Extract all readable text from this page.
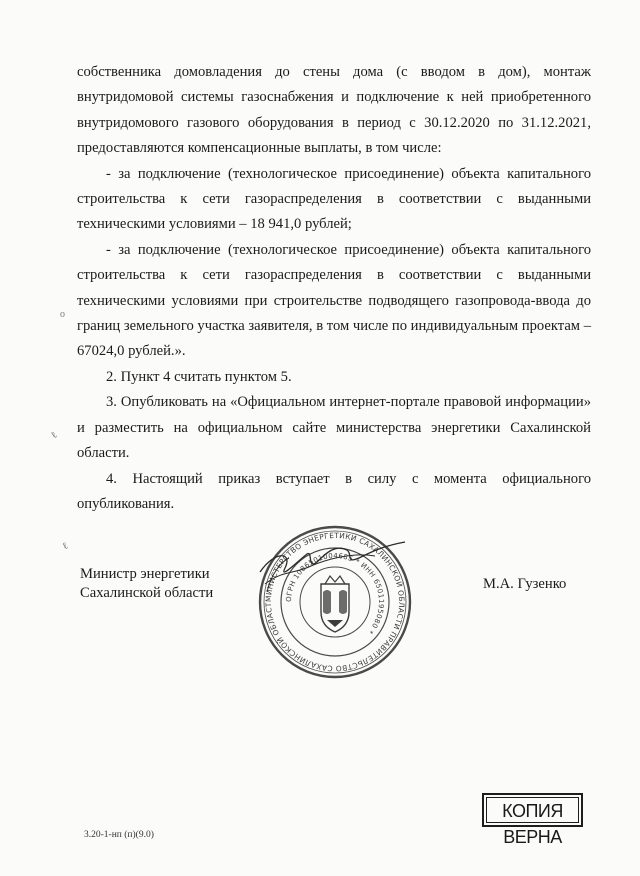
собственника домовладения до стены дома (с вводом в дом), монтаж внутридомовой системы газоснабжения и подключение к ней приобретенного внутридомового газового оборудования в период с 30.12.2020 по 31.12.2021, предоставляются компенсационные выплаты, в том числе:

- за подключение (технологическое присоединение) объекта капитального строительства к сети газораспределения в соответствии с выданными техническими условиями – 18 941,0 рублей;

- за подключение (технологическое присоединение) объекта капитального строительства к сети газораспределения в соответствии с выданными техническими условиями при строительстве подводящего газопровода-ввода до границ земельного участка заявителя, в том числе по индивидуальным проектам – 67024,0 рублей.».

2. Пункт 4 считать пунктом 5.

3. Опубликовать на «Официальном интернет-портале правовой информации» и разместить на официальном сайте министерства энергетики Сахалинской области.

4. Настоящий приказ вступает в силу с момента официального опубликования.

ο
ℓ
ℓ
Министр энергетики
Сахалинской области	МИНИСТЕРСТВО ЭНЕРГЕТИКИ САХАЛИНСКОЙ ОБЛАСТИ ПРАВИТЕЛЬСТВО САХАЛИНСКОЙ ОБЛАСТ
ОГРН 1086501004685 * ИНН 6501195080 *
М.А. Гузенко
КОПИЯ ВЕРНА
3.20-1-нп (п)(9.0)
